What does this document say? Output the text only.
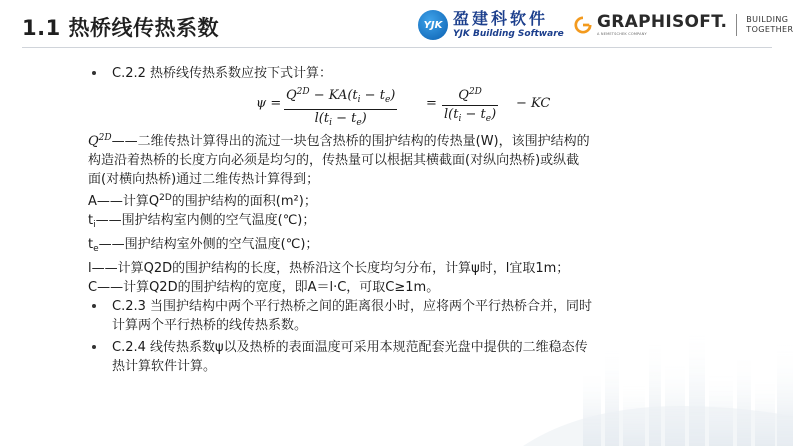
1.1 热桥线传热系数	YJK 盈建科软件
YJK Building Software
GRAPHISOFT.
A NEMETSCHEK COMPANY
BUILDING
TOGETHER
C.2.2 热桥线传热系数应按下式计算：
ψ =
$Q^{2D} - KA(t_i - t_e)$
$l(t_i - t_e)$
=
$Q^{2D}$
$l(t_i - t_e)$
− KC
$Q^{2D}——$二维传热计算得出的流过一块包含热桥的围护结构的传热量(W)，该围护结构的
构造沿着热桥的长度方向必须是均匀的，传热量可以根据其横截面(对纵向热桥)或纵截
面(对横向热桥)通过二维传热计算得到；
A——计算$Q^{2D}$的围护结构的面积(m²)；
$t_i——$围护结构室内侧的空气温度(℃)；
$t_e——$围护结构室外侧的空气温度(℃)；
l——计算Q2D的围护结构的长度，热桥沿这个长度均匀分布，计算ψ时，l宜取1m；
C——计算Q2D的围护结构的宽度，即A＝l·C，可取C≥1m。
C.2.3 当围护结构中两个平行热桥之间的距离很小时，应将两个平行热桥合并，同时
计算两个平行热桥的线传热系数。
C.2.4 线传热系数ψ以及热桥的表面温度可采用本规范配套光盘中提供的二维稳态传
热计算软件计算。
